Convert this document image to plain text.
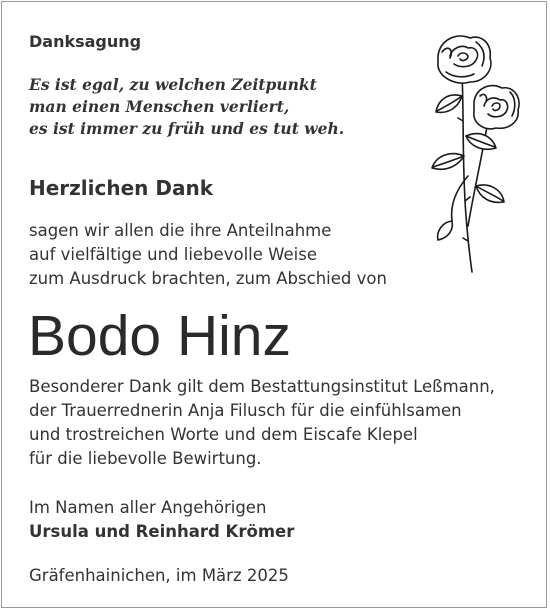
Danksagung
Es ist egal, zu welchen Zeitpunkt
man einen Menschen verliert,
es ist immer zu früh und es tut weh.
Herzlichen Dank
sagen wir allen die ihre Anteilnahme
auf vielfältige und liebevolle Weise
zum Ausdruck brachten, zum Abschied von
Bodo Hinz
Besonderer Dank gilt dem Bestattungsinstitut Leßmann,
der Trauerrednerin Anja Filusch für die einfühlsamen
und trostreichen Worte und dem Eiscafe Klepel
für die liebevolle Bewirtung.
Im Namen aller Angehörigen
Ursula und Reinhard Krömer
Gräfenhainichen, im März 2025
